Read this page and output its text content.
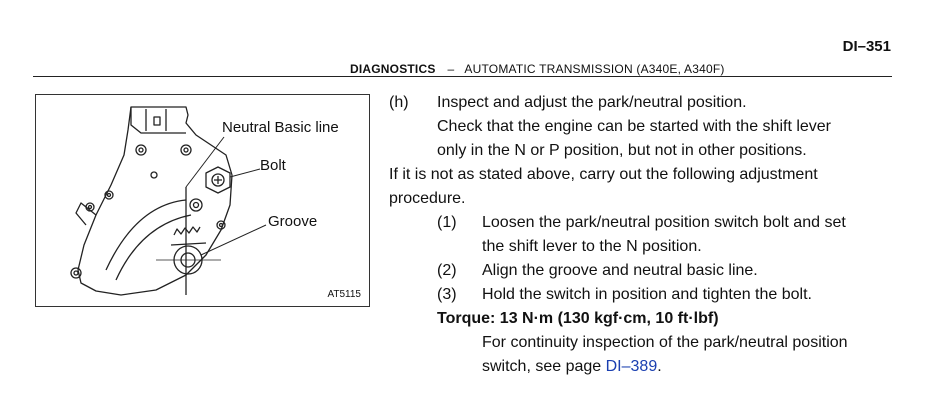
DI–351
DIAGNOSTICS – AUTOMATIC TRANSMISSION (A340E, A340F)
Neutral Basic line
Bolt
Groove
AT5115
(h) Inspect and adjust the park/neutral position.
Check that the engine can be started with the shift lever
only in the N or P position, but not in other positions.
If it is not as stated above, carry out the following adjustment
procedure.
(1) Loosen the park/neutral position switch bolt and set
the shift lever to the N position.
(2) Align the groove and neutral basic line.
(3) Hold the switch in position and tighten the bolt.
Torque: 13 N·m (130 kgf·cm, 10 ft·lbf)
For continuity inspection of the park/neutral position
switch, see page DI–389.
